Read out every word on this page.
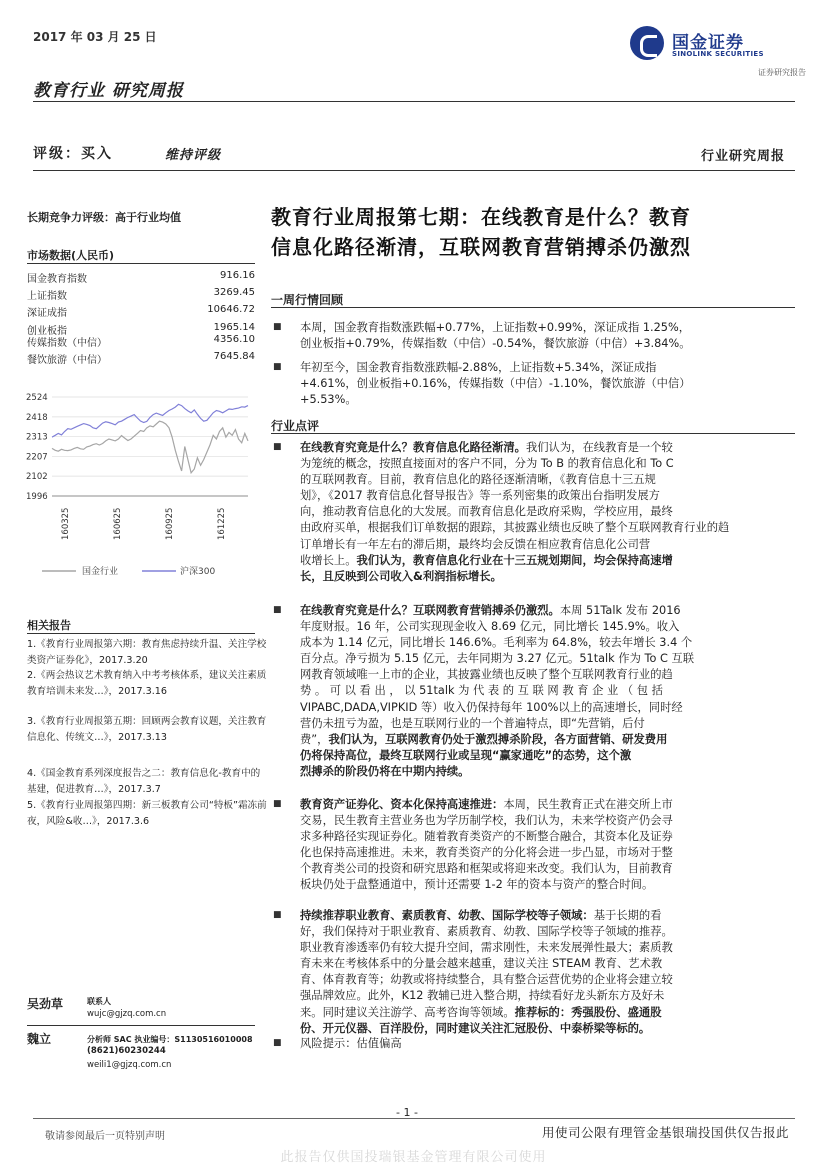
2017 年 03 月 25 日
教育行业 研究周报
国金证券
SINOLINK SECURITIES
证券研究报告
评级：买入	维持评级	行业研究周报
长期竞争力评级：高于行业均值
市场数据(人民币)
国金教育指数	916.16
上证指数	3269.45
深证成指	10646.72
创业板指	1965.14
传媒指数（中信）	4356.10
餐饮旅游（中信）	7645.84
2524
2418
2313
2207
2102
1996
160325	160625	160925	161225
国金行业	沪深300
相关报告
1.《教育行业周报第六期：教育焦虑持续升温、关注学校类资产证券化》，2017.3.20
2.《两会热议艺术教育纳入中考考核体系，建议关注素质教育培训未来发…》，2017.3.16
3.《教育行业周报第五期：回顾两会教育议题，关注教育信息化、传统文…》，2017.3.13
4.《国金教育系列深度报告之二：教育信息化-教育中的基建，促进教育…》，2017.3.7
5.《教育行业周报第四期：新三板教育公司“特板”霜冻前夜，风险&收…》，2017.3.6
吴劲草	联系人
wujc@gjzq.com.cn
魏立	分析师 SAC 执业编号：S1130516010008
(8621)60230244
weili1@gjzq.com.cn
教育行业周报第七期：在线教育是什么？教育
信息化路径渐清，互联网教育营销搏杀仍激烈
一周行情回顾
■ 本周，国金教育指数涨跌幅+0.77%，上证指数+0.99%，深证成指 1.25%，
创业板指+0.79%，传媒指数（中信）-0.54%，餐饮旅游（中信）+3.84%。
■ 年初至今，国金教育指数涨跌幅-2.88%，上证指数+5.34%，深证成指
+4.61%，创业板指+0.16%，传媒指数（中信）-1.10%，餐饮旅游（中信）
+5.53%。
行业点评
■ 在线教育究竟是什么？教育信息化路径渐清。我们认为，在线教育是一个较
为笼统的概念，按照直接面对的客户不同，分为 To B 的教育信息化和 To C
的互联网教育。目前，教育信息化的路径逐渐清晰，《教育信息十三五规
划》，《2017 教育信息化督导报告》等一系列密集的政策出台指明发展方
向，推动教育信息化的大发展。而教育信息化是政府采购，学校应用，最终
由政府买单，根据我们订单数据的跟踪，其披露业绩也反映了整个互联网教育行业的趋
订单增长有一年左右的滞后期，最终均会反馈在相应教育信息化公司营
收增长上。我们认为，教育信息化行业在十三五规划期间，均会保持高速增
长，且反映到公司收入&利润指标增长。
■ 在线教育究竟是什么？互联网教育营销搏杀仍激烈。本周 51Talk 发布 2016
年度财报。16 年，公司实现现金收入 8.69 亿元，同比增长 145.9%。收入
成本为 1.14 亿元，同比增长 146.6%。毛利率为 64.8%，较去年增长 3.4 个
百分点。净亏损为 5.15 亿元，去年同期为 3.27 亿元。51talk 作为 To C 互联
网教育领域唯一上市的企业，其披露业绩也反映了整个互联网教育行业的趋
势 。 可 以 看 出 ， 以 51talk 为 代 表 的 互 联 网 教 育 企 业 （ 包 括
VIPABC,DADA,VIPKID 等）收入仍保持每年 100%以上的高速增长，同时经
营仍未扭亏为盈，也是互联网行业的一个普遍特点，即“先营销，后付
费”，我们认为，互联网教育仍处于激烈搏杀阶段，各方面营销、研发费用
仍将保持高位，最终互联网行业或呈现“赢家通吃”的态势，这个激
烈搏杀的阶段仍将在中期内持续。
■ 教育资产证券化、资本化保持高速推进：本周，民生教育正式在港交所上市
交易，民生教育主营业务也为学历制学校，我们认为，未来学校资产仍会寻
求多种路径实现证券化。随着教育类资产的不断整合融合，其资本化及证券
化也保持高速推进。未来，教育类资产的分化将会进一步凸显，市场对于整
个教育类公司的投资和研究思路和框架或将迎来改变。我们认为，目前教育
板块仍处于盘整通道中，预计还需要 1-2 年的资本与资产的整合时间。
■ 持续推荐职业教育、素质教育、幼教、国际学校等子领域：基于长期的看
好，我们保持对于职业教育、素质教育、幼教、国际学校等子领域的推荐。
职业教育渗透率仍有较大提升空间，需求刚性，未来发展弹性最大；素质教
育未来在考核体系中的分量会越来越重，建议关注 STEAM 教育、艺术教
育、体育教育等；幼教或将持续整合，具有整合运营优势的企业将会建立较
强品牌效应。此外，K12 教辅已进入整合期，持续看好龙头新东方及好未
来。同时建议关注游学、高考咨询等领域。推荐标的：秀强股份、盛通股
份、开元仪器、百洋股份，同时建议关注汇冠股份、中泰桥梁等标的。
■ 风险提示：估值偏高
- 1 -
敬请参阅最后一页特别声明	用使司公限有理管金基银瑞投国供仅告报此
此报告仅供国投瑞银基金管理有限公司使用
